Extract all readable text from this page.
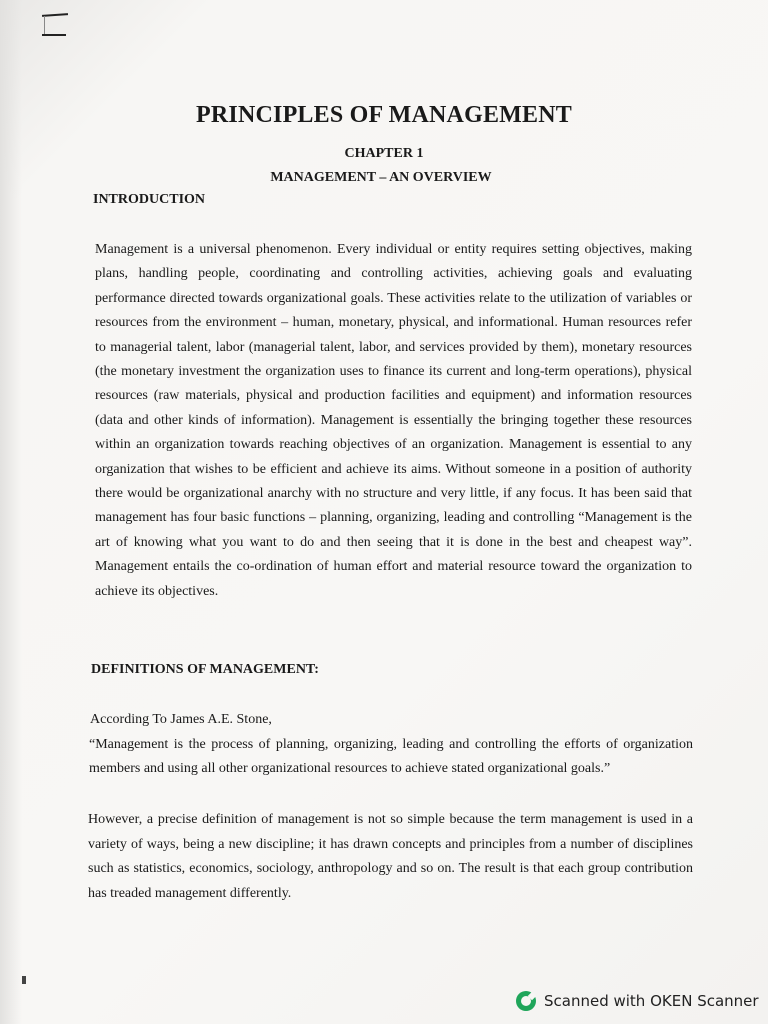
PRINCIPLES OF MANAGEMENT
CHAPTER 1
MANAGEMENT – AN OVERVIEW
INTRODUCTION
Management is a universal phenomenon. Every individual or entity requires setting objectives, making plans, handling people, coordinating and controlling activities, achieving goals and evaluating performance directed towards organizational goals. These activities relate to the utilization of variables or resources from the environment – human, monetary, physical, and informational. Human resources refer to managerial talent, labor (managerial talent, labor, and services provided by them), monetary resources (the monetary investment the organization uses to finance its current and long-term operations), physical resources (raw materials, physical and production facilities and equipment) and information resources (data and other kinds of information). Management is essentially the bringing together these resources within an organization towards reaching objectives of an organization. Management is essential to any organization that wishes to be efficient and achieve its aims. Without someone in a position of authority there would be organizational anarchy with no structure and very little, if any focus. It has been said that management has four basic functions – planning, organizing, leading and controlling “Management is the art of knowing what you want to do and then seeing that it is done in the best and cheapest way”. Management entails the co-ordination of human effort and material resource toward the organization to achieve its objectives.
DEFINITIONS OF MANAGEMENT:
According To James A.E. Stone,
“Management is the process of planning, organizing, leading and controlling the efforts of organization members and using all other organizational resources to achieve stated organizational goals.”
However, a precise definition of management is not so simple because the term management is used in a variety of ways, being a new discipline; it has drawn concepts and principles from a number of disciplines such as statistics, economics, sociology, anthropology and so on. The result is that each group contribution has treaded management differently.
Scanned with OKEN Scanner
